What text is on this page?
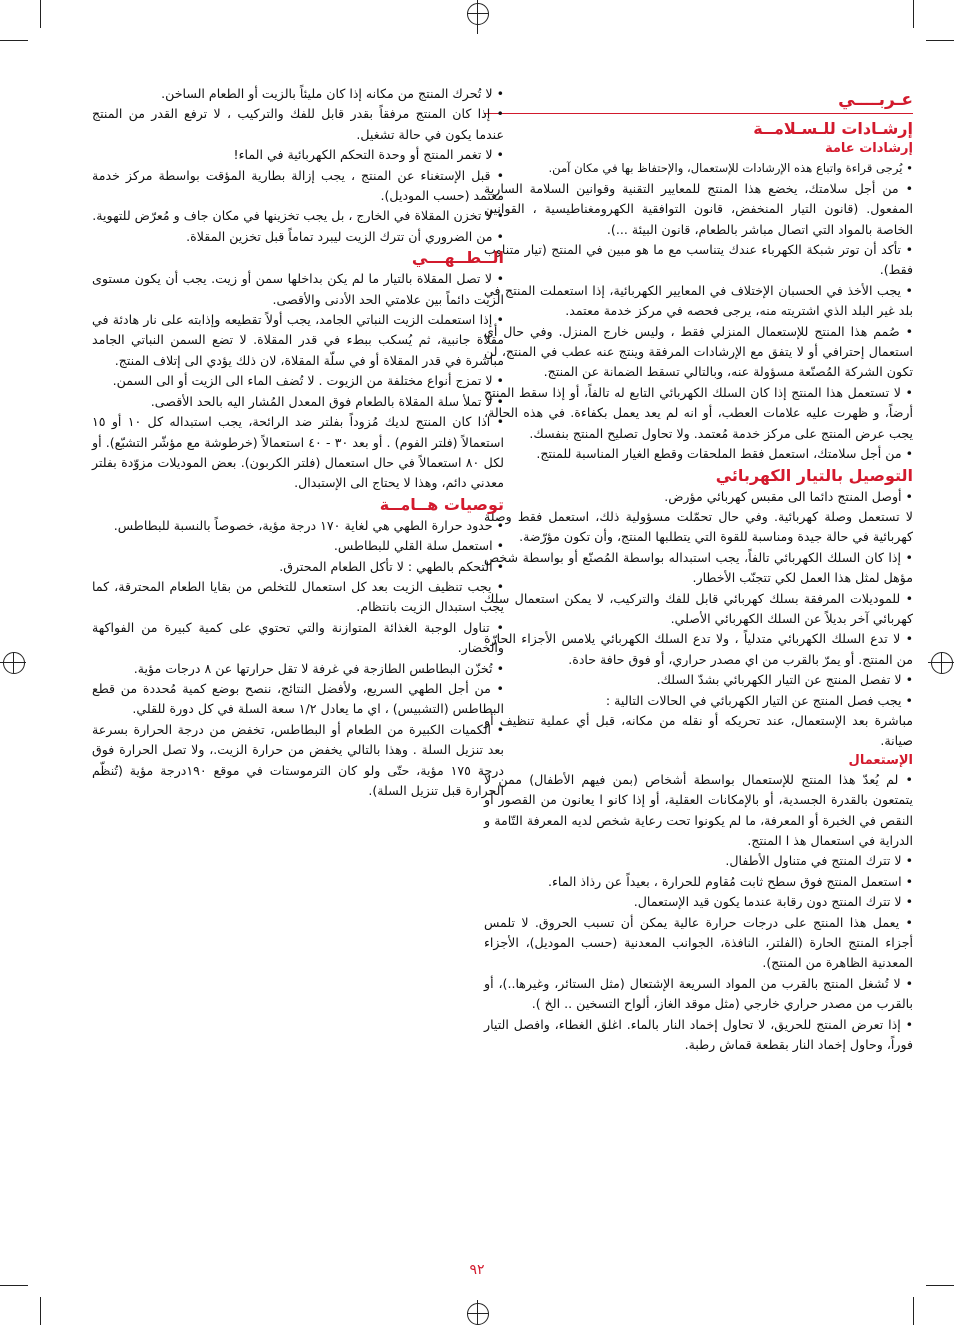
عـربــــي
إرشـادات للـسـلامــة
إرشادات عامة

• يُرجى قراءة واتباع هذه الإرشادات للإستعمال، والإحتفاظ بها في مكان آمن.

• من أجل سلامتك، يخضع هذا المنتج للمعايير التقنية وقوانين السلامة السارية المفعول. (قانون التيار المنخفض، قانون التوافقية الكهرومغناطيسية ، القوانين الخاصة بالمواد التي اتصال مباشر بالطعام، قانون البيئة ...).

• تأكد أن توتر شبكة الكهرباء عندك يتناسب مع ما هو مبين في المنتج (تيار متناوب فقط).

• يجب الأخذ في الحسبان الإختلاف في المعايير الكهربائية، إذا استعملت المنتج في بلد غير البلد الذي اشتريته منه، يرجى فحصه في مركز خدمة معتمد.

• صُمم هذا المنتج للإستعمال المنزلي فقط ، وليس خارج المنزل. وفي حال أي استعمال إحترافي أو لا يتفق مع الإرشادات المرفقة وينتج عنه عطب في المنتج، لن تكون الشركة المُصنّعة مسؤولة عنه، وبالتالي تسقط الضمانة عن المنتج.

• لا تستعمل هذا المنتج إذا كان السلك الكهربائي التابع له تالفاً، أو إذا سقط المنتج أرضاً، و ظهرت عليه علامات العطب، أو انه لم يعد يعمل بكفاءة. في هذه الحالة، يجب عرض المنتج على مركز خدمة مُعتمد. ولا تحاول تصليح المنتج بنفسك.

• من أجل سلامتك، استعمل فقط الملحقات وقطع الغيار المناسبة للمنتج.

التوصيل بالتيار الكهربائي

• أوصل المنتج دائما الى مقبس كهربائي مؤرض.

لا تستعمل وصلة كهربائية. وفي حال تحمّلت مسؤولية ذلك، استعمل فقط وصلة كهربائية في حالة جيدة ومناسبة للقوة التي يتطلبها المنتج، وأن تكون مؤرّضة.

• إذا كان السلك الكهربائي تالفاً، يجب استبداله بواسطة المُصنّع أو بواسطة شخص مؤهل لمثل هذا العمل لكي تتجنّب الأخطار.

• للموديلات المرفقة بسلك كهربائي قابل للفك والتركيب، لا يمكن استعمال سلك كهربائي آخر بديلاً عن السلك الكهربائي الأصلي.

• لا تدع السلك الكهربائي متدلياً ، ولا تدع السلك الكهربائي يلامس الأجزاء الحارّة من المنتج. أو يمرّ بالقرب من اي مصدر حراري، أو فوق حافة حادة.

• لا تفصل المنتج عن التيار الكهربائي بشدّ السلك.

• يجب فصل المنتج عن التيار الكهربائي في الحالات التالية :

مباشرة بعد الإستعمال، عند تحريكه أو نقله من مكانه، قبل أي عملية تنظيف أو صيانة.

الإستعمال

• لم يُعدّ هذا المنتج للإستعمال بواسطة أشخاص (بمن فيهم الأطفال) ممن لا يتمتعون بالقدرة الجسدية، أو بالإمكانات العقلية، أو إذا كانو ا يعانون من القصور أو النقص في الخبرة أو المعرفة، ما لم يكونوا تحت رعاية شخص لديه المعرفة التّامة و الدراية في استعمال هذ ا المنتج.

• لا تترك المنتج في متناول الأطفال.

• استعمل المنتج فوق سطح ثابت مُقاوم للحرارة ، بعيداً عن رذاذ الماء.

• لا تترك المنتج دون رقابة عندما يكون قيد الإستعمال.

• يعمل هذا المنتج على درجات حرارة عالية يمكن أن تسبب الحروق. لا تلمس أجزاء المنتج الحارة (الفلتر، النافذة، الجوانب المعدنية (حسب الموديل)، الأجزاء المعدنية الظاهرة من المنتج).

• لا تُشغل المنتج بالقرب من المواد السريعة الإشتعال (مثل الستائر، وغيرها..)، أو بالقرب من مصدر حراري خارجي (مثل موقد الغاز، ألواح التسخين .. الخ ).

• إذا تعرض المنتج للحريق، لا تحاول إخماد النار بالماء. اغلق الغطاء، وافصل التيار فوراً، وحاول إخماد النار بقطعة قماش رطبة.

• لا تُحرك المنتج من مكانه إذا كان مليئاً بالزيت أو الطعام الساخن.

• إذا كان المنتج مرفقاً بقدر قابل للفك والتركيب ، لا ترفع القدر من المنتج عندما يكون في حالة تشغيل.

• لا تغمر المنتج أو وحدة التحكم الكهربائية في الماء!

• قبل الإستغناء عن المنتج ، يجب إزالة بطارية المؤقت بواسطة مركز خدمة معتمد (حسب الموديل).

• لا تخزن المقلاة في الخارج ، بل يجب تخزينها في مكان جاف و مُعرّض للتهوية.

• من الضروري أن تترك الزيت ليبرد تماماً قبل تخزين المقلاة.

الــطــهـــي

• لا تصل المقلاة بالتيار ما لم يكن بداخلها سمن أو زيت. يجب أن يكون مستوى الزيت دائماً بين علامتي الحد الأدنى والأقصى.

• إذا استعملت الزيت النباتي الجامد، يجب أولاً تقطيعه وإذابته على نار هادئة في مقلاة جانبية، ثم يُسكب ببطء في قدر المقلاة. لا تضع السمن النباتي الجامد مباشرة في قدر المقلاة أو في سلّة المقلاة، لان ذلك يؤدي الى إتلاف المنتج.

• لا تمزج أنواع مختلفة من الزيوت . لا تُضف الماء الى الزيت أو الى السمن.

• لا تملأ سلة المقلاة بالطعام فوق المعدل المُشار اليه بالحد الأقصى.

• اذا كان المنتج لديك مُزوداً بفلتر ضد الرائحة، يجب استبداله كل ١٠ أو ١٥ استعمالاً (فلتر الفوم) . أو بعد ٣٠ - ٤٠ استعمالاً (خرطوشة مع مؤشّر التشبّع). أو لكل ٨٠ استعمالاً في حال استعمال (فلتر الكربون). بعض الموديلات مزوّدة بفلتر معدني دائم، وهذا لا يحتاج الى الإستبدال.

توصيات هــامــة

• حدود حرارة الطهي هي لغاية ١٧٠ درجة مؤية، خصوصاً بالنسبة للبطاطس.

• استعمل سلة القلي للبطاطس.

• التحكم بالطهي : لا تأكل الطعام المحترق.

• يجب تنظيف الزيت بعد كل استعمال للتخلص من بقايا الطعام المحترقة، كما يجب استبدال الزيت بانتظام.

• تناول الوجبة الغذائة المتوازنة والتي تحتوي على كمية كبيرة من الفواكهة والخضار.

• تُخزّن البطاطس الطازجة في غرفة لا تقل حرارتها عن ٨ درجات مؤية.

• من أجل الطهي السريع، ولأفضل النتائج، ننصح بوضع كمية مُحددة من قطع البطاطس (التشبيس) ، اي ما يعادل ١/٢ سعة السلة في كل دورة للقلي.

• الكميات الكبيرة من الطعام أو البطاطس، تخفض من درجة الحرارة بسرعة بعد تنزيل السلة . وهذا بالتالي يخفض من حرارة الزيت.، ولا تصل الحرارة فوق درجة ١٧٥ مؤية، حتّى ولو كان الترموستات في موقع ١٩٠درجة مؤية (تُنظّم الحرارة قبل تنزيل السلة).

٩٢
